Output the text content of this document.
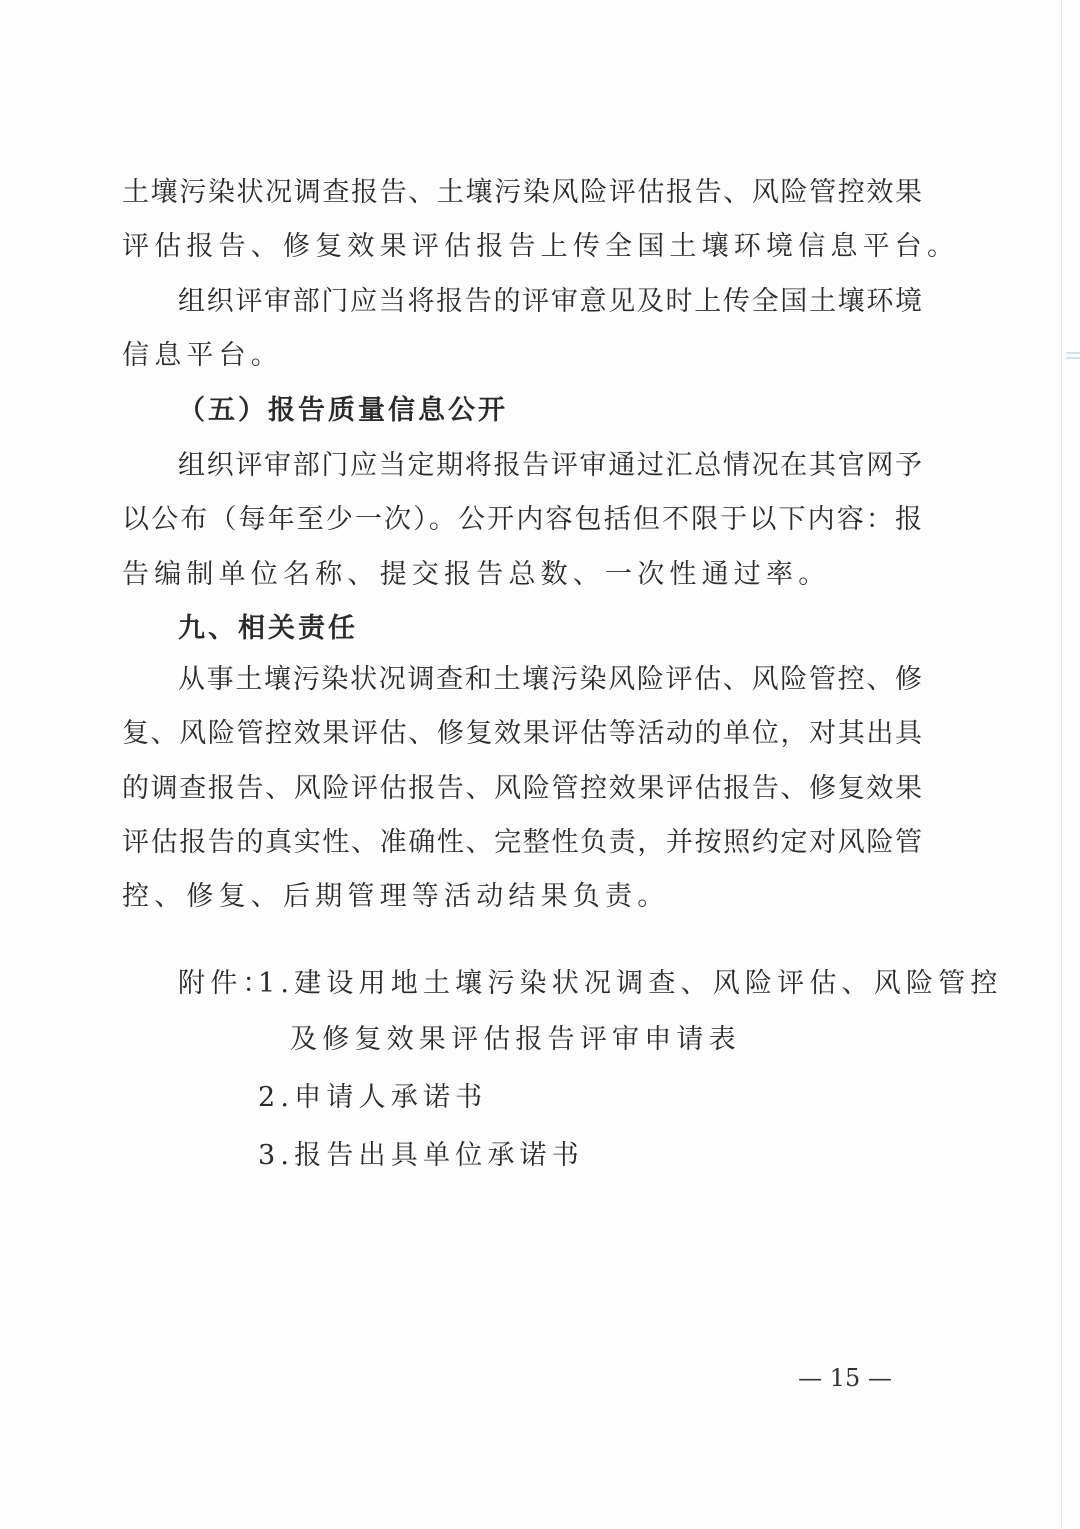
土壤污染状况调查报告、土壤污染风险评估报告、风险管控效果
评估报告、修复效果评估报告上传全国土壤环境信息平台。
组织评审部门应当将报告的评审意见及时上传全国土壤环境
信息平台。
（五）报告质量信息公开
组织评审部门应当定期将报告评审通过汇总情况在其官网予
以公布（每年至少一次）。公开内容包括但不限于以下内容：报
告编制单位名称、提交报告总数、一次性通过率。
九、相关责任
从事土壤污染状况调查和土壤污染风险评估、风险管控、修
复、风险管控效果评估、修复效果评估等活动的单位，对其出具
的调查报告、风险评估报告、风险管控效果评估报告、修复效果
评估报告的真实性、准确性、完整性负责，并按照约定对风险管
控、修复、后期管理等活动结果负责。
附件：
1.建设用地土壤污染状况调查、风险评估、风险管控
及修复效果评估报告评审申请表
2.申请人承诺书
3.报告出具单位承诺书
— 15 —
